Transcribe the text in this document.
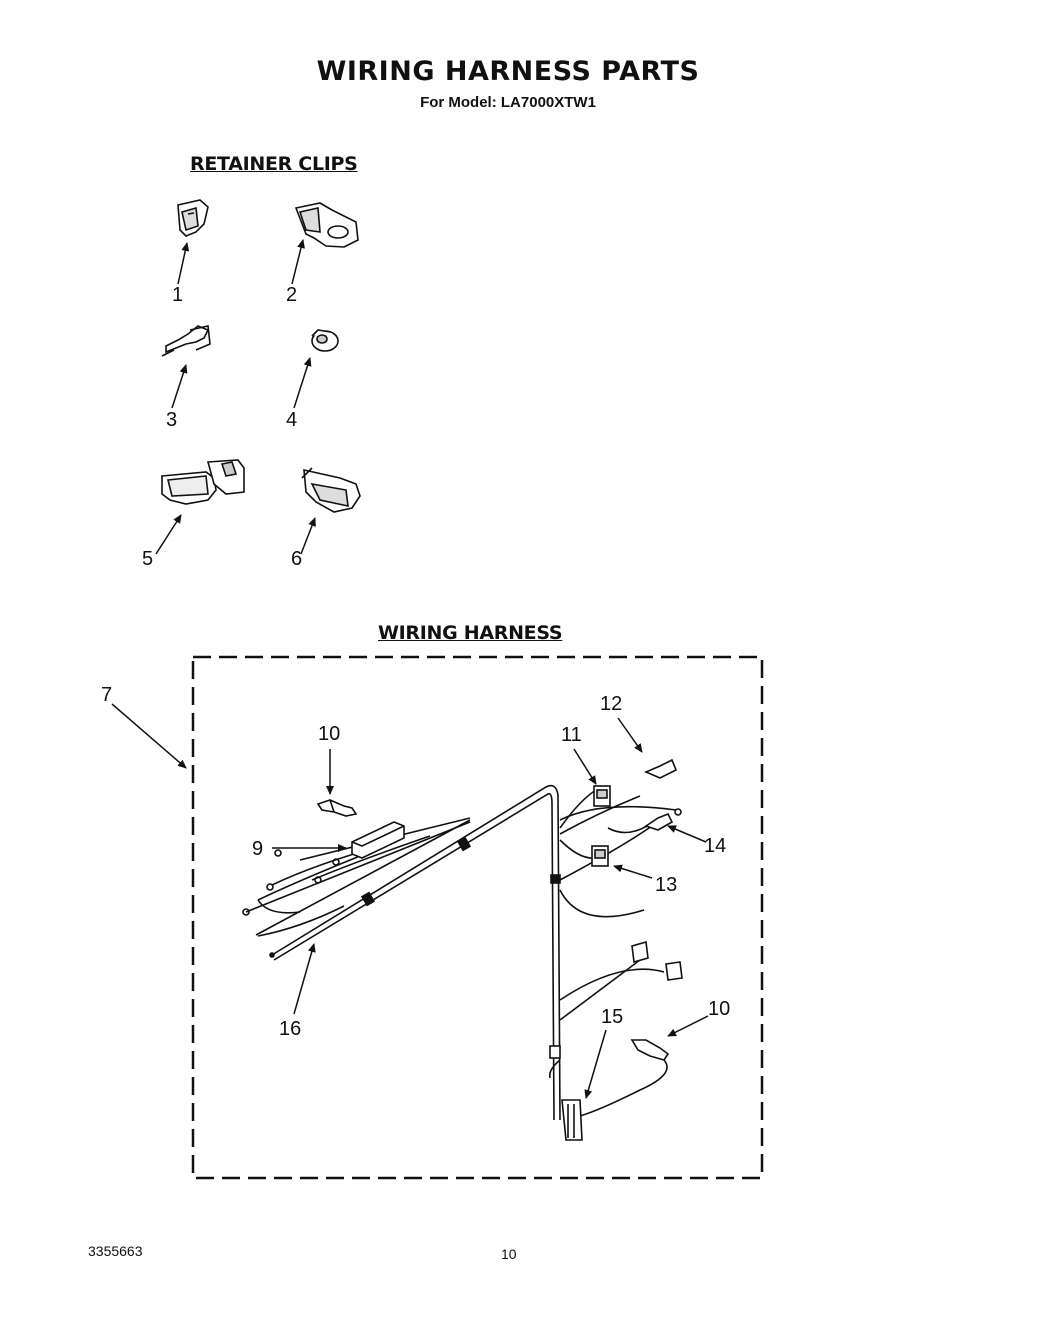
WIRING HARNESS PARTS
For Model: LA7000XTW1
RETAINER CLIPS
WIRING HARNESS
1	2
3	4
5	6
7
9
10
10
11
12
13
14
15
16
3355663	10
